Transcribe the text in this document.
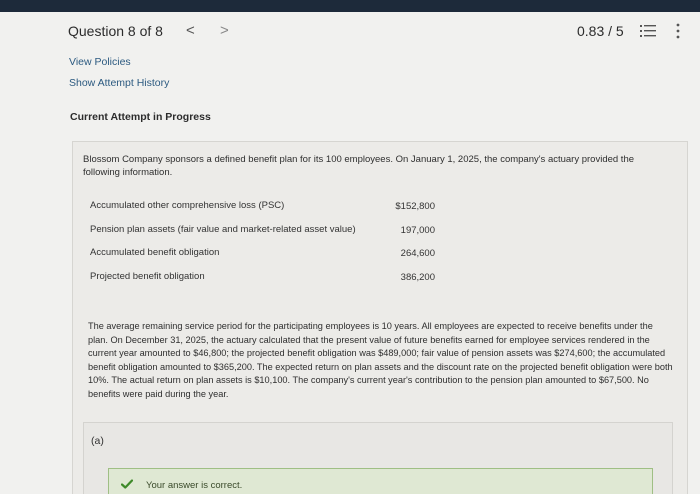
Question 8 of 8 < >	0.83 / 5
View Policies
Show Attempt History
Current Attempt in Progress

Blossom Company sponsors a defined benefit plan for its 100 employees. On January 1, 2025, the company's actuary provided the following information.

Accumulated other comprehensive loss (PSC)	$152,800
Pension plan assets (fair value and market-related asset value)	197,000
Accumulated benefit obligation	264,600
Projected benefit obligation	386,200

The average remaining service period for the participating employees is 10 years. All employees are expected to receive benefits under the plan. On December 31, 2025, the actuary calculated that the present value of future benefits earned for employee services rendered in the current year amounted to $46,800; the projected benefit obligation was $489,000; fair value of pension assets was $274,600; the accumulated benefit obligation amounted to $365,200. The expected return on plan assets and the discount rate on the projected benefit obligation were both 10%. The actual return on plan assets is $10,100. The company's current year's contribution to the pension plan amounted to $67,500. No benefits were paid during the year.

(a)
Your answer is correct.
